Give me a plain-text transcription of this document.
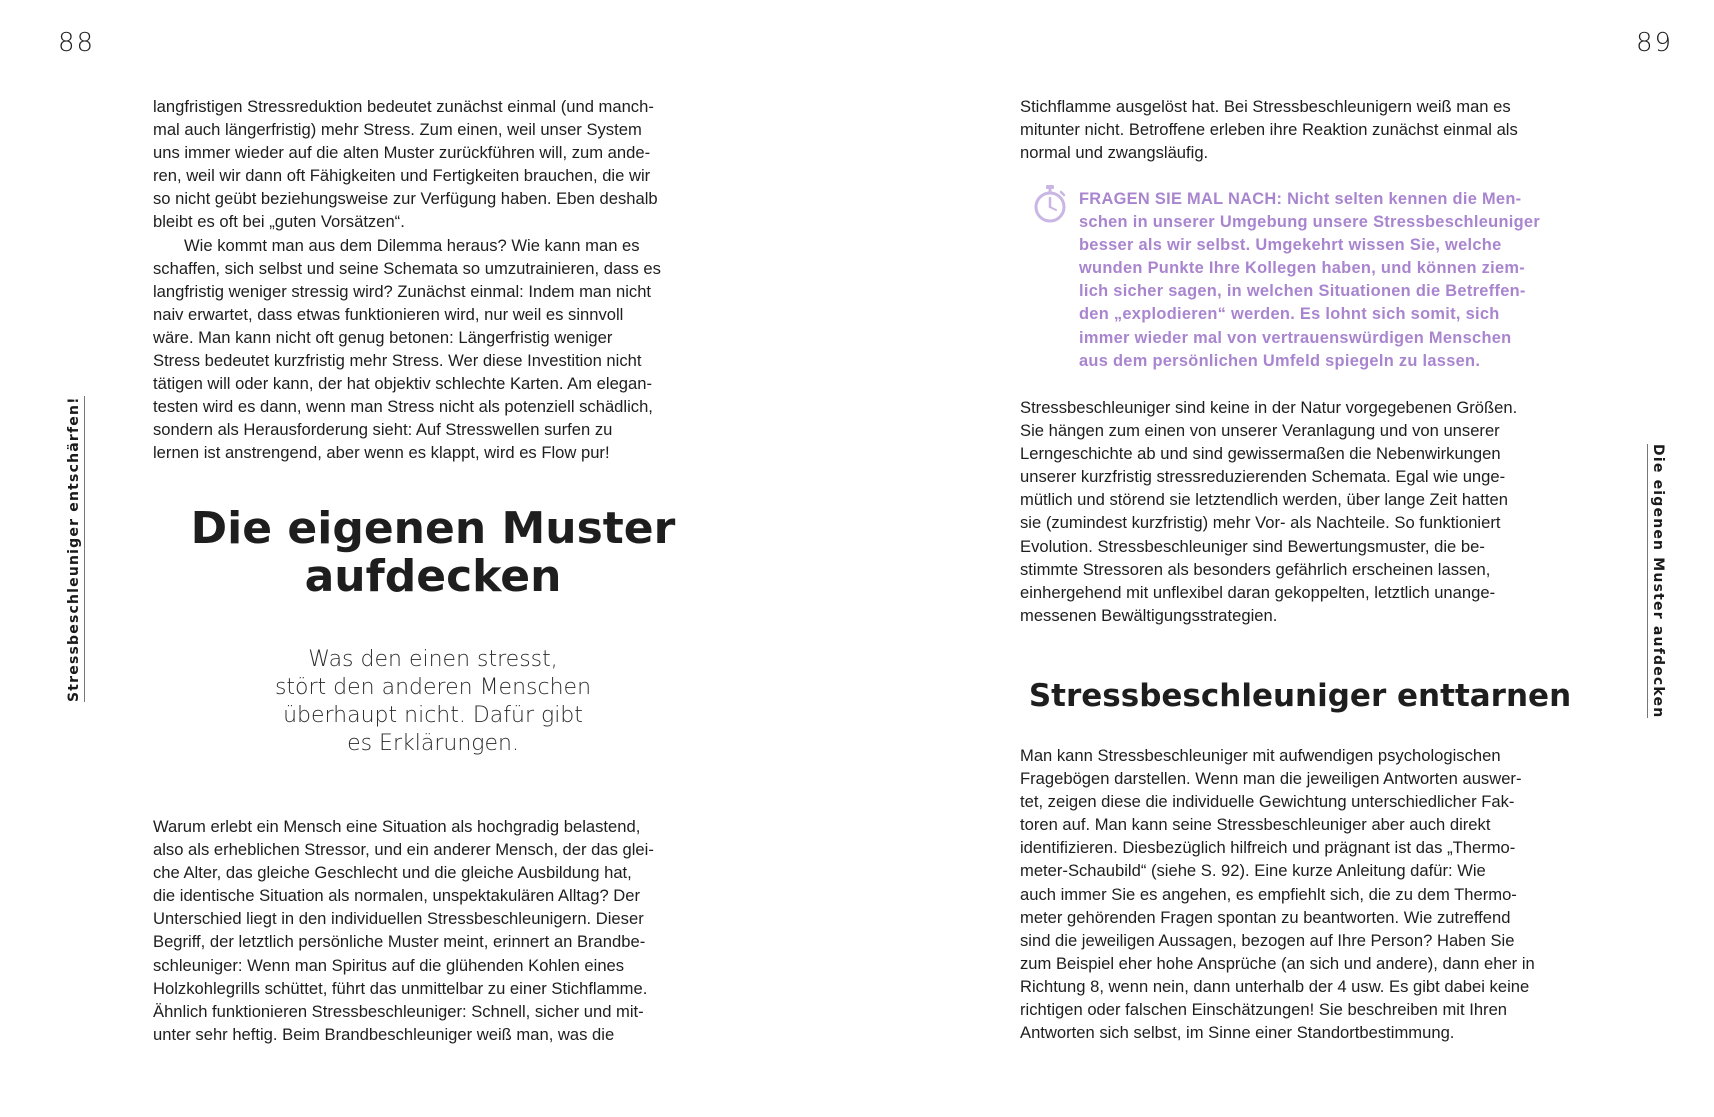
88	89
Stressbeschleuniger entschärfen!	Die eigenen Muster aufdecken

langfristigen Stressreduktion bedeutet zunächst einmal (und manch-
mal auch längerfristig) mehr Stress. Zum einen, weil unser System
uns immer wieder auf die alten Muster zurückführen will, zum ande-
ren, weil wir dann oft Fähigkeiten und Fertigkeiten brauchen, die wir
so nicht geübt beziehungsweise zur Verfügung haben. Eben deshalb
bleibt es oft bei „guten Vorsätzen“.

Wie kommt man aus dem Dilemma heraus? Wie kann man es
schaffen, sich selbst und seine Schemata so umzutrainieren, dass es
langfristig weniger stressig wird? Zunächst einmal: Indem man nicht
naiv erwartet, dass etwas funktionieren wird, nur weil es sinnvoll
wäre. Man kann nicht oft genug betonen: Längerfristig weniger
Stress bedeutet kurzfristig mehr Stress. Wer diese Investition nicht
tätigen will oder kann, der hat objektiv schlechte Karten. Am elegan-
testen wird es dann, wenn man Stress nicht als potenziell schädlich,
sondern als Herausforderung sieht: Auf Stresswellen surfen zu
lernen ist anstrengend, aber wenn es klappt, wird es Flow pur!

Die eigenen Muster
aufdecken
Was den einen stresst,
stört den anderen Menschen
überhaupt nicht. Dafür gibt
es Erklärungen.

Warum erlebt ein Mensch eine Situation als hochgradig belastend,
also als erheblichen Stressor, und ein anderer Mensch, der das glei-
che Alter, das gleiche Geschlecht und die gleiche Ausbildung hat,
die identische Situation als normalen, unspektakulären Alltag? Der
Unterschied liegt in den individuellen Stressbeschleunigern. Dieser
Begriff, der letztlich persönliche Muster meint, erinnert an Brandbe-
schleuniger: Wenn man Spiritus auf die glühenden Kohlen eines
Holzkohlegrills schüttet, führt das unmittelbar zu einer Stichflamme.
Ähnlich funktionieren Stressbeschleuniger: Schnell, sicher und mit-
unter sehr heftig. Beim Brandbeschleuniger weiß man, was die

Stichflamme ausgelöst hat. Bei Stressbeschleunigern weiß man es
mitunter nicht. Betroffene erleben ihre Reaktion zunächst einmal als
normal und zwangsläufig.

FRAGEN SIE MAL NACH: Nicht selten kennen die Men-
schen in unserer Umgebung unsere Stressbeschleuniger
besser als wir selbst. Umgekehrt wissen Sie, welche
wunden Punkte Ihre Kollegen haben, und können ziem-
lich sicher sagen, in welchen Situationen die Betreffen-
den „explodieren“ werden. Es lohnt sich somit, sich
immer wieder mal von vertrauenswürdigen Menschen
aus dem persönlichen Umfeld spiegeln zu lassen.

Stressbeschleuniger sind keine in der Natur vorgegebenen Größen.
Sie hängen zum einen von unserer Veranlagung und von unserer
Lerngeschichte ab und sind gewissermaßen die Nebenwirkungen
unserer kurzfristig stressreduzierenden Schemata. Egal wie unge-
mütlich und störend sie letztendlich werden, über lange Zeit hatten
sie (zumindest kurzfristig) mehr Vor- als Nachteile. So funktioniert
Evolution. Stressbeschleuniger sind Bewertungsmuster, die be-
stimmte Stressoren als besonders gefährlich erscheinen lassen,
einhergehend mit unflexibel daran gekoppelten, letztlich unange-
messenen Bewältigungsstrategien.

Stressbeschleuniger enttarnen

Man kann Stressbeschleuniger mit aufwendigen psychologischen
Fragebögen darstellen. Wenn man die jeweiligen Antworten auswer-
tet, zeigen diese die individuelle Gewichtung unterschiedlicher Fak-
toren auf. Man kann seine Stressbeschleuniger aber auch direkt
identifizieren. Diesbezüglich hilfreich und prägnant ist das „Thermo-
meter-Schaubild“ (siehe S. 92). Eine kurze Anleitung dafür: Wie
auch immer Sie es angehen, es empfiehlt sich, die zu dem Thermo-
meter gehörenden Fragen spontan zu beantworten. Wie zutreffend
sind die jeweiligen Aussagen, bezogen auf Ihre Person? Haben Sie
zum Beispiel eher hohe Ansprüche (an sich und andere), dann eher in
Richtung 8, wenn nein, dann unterhalb der 4 usw. Es gibt dabei keine
richtigen oder falschen Einschätzungen! Sie beschreiben mit Ihren
Antworten sich selbst, im Sinne einer Standortbestimmung.
